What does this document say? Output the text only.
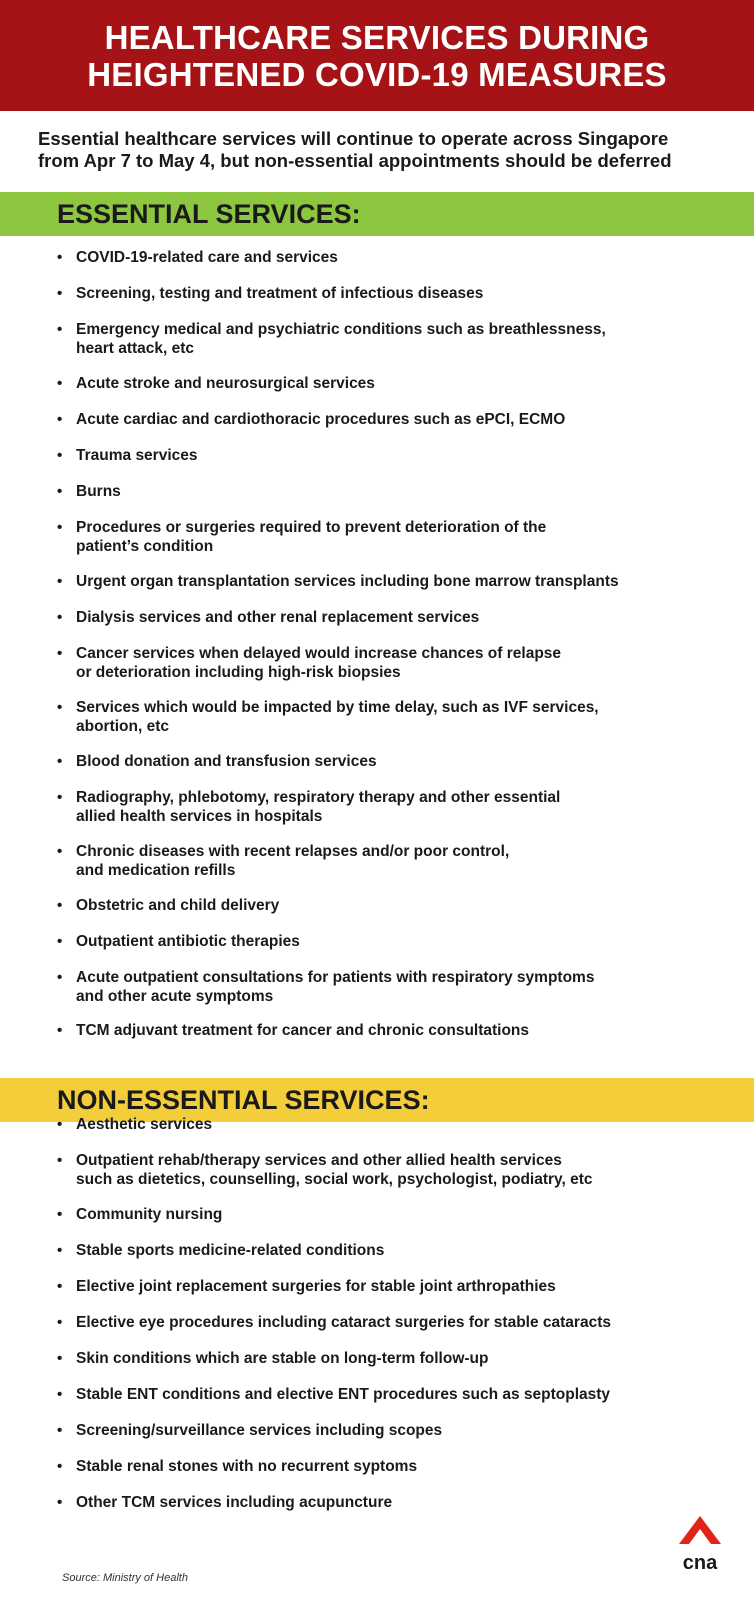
HEALTHCARE SERVICES DURING
HEIGHTENED COVID-19 MEASURES
Essential healthcare services will continue to operate across Singapore
from Apr 7 to May 4, but non-essential appointments should be deferred
ESSENTIAL SERVICES:
• COVID-19-related care and services
• Screening, testing and treatment of infectious diseases
• Emergency medical and psychiatric conditions such as breathlessness,
heart attack, etc
• Acute stroke and neurosurgical services
• Acute cardiac and cardiothoracic procedures such as ePCI, ECMO
• Trauma services
• Burns
• Procedures or surgeries required to prevent deterioration of the
patient’s condition
• Urgent organ transplantation services including bone marrow transplants
• Dialysis services and other renal replacement services
• Cancer services when delayed would increase chances of relapse
or deterioration including high-risk biopsies
• Services which would be impacted by time delay, such as IVF services,
abortion, etc
• Blood donation and transfusion services
• Radiography, phlebotomy, respiratory therapy and other essential
allied health services in hospitals
• Chronic diseases with recent relapses and/or poor control,
and medication refills
• Obstetric and child delivery
• Outpatient antibiotic therapies
• Acute outpatient consultations for patients with respiratory symptoms
and other acute symptoms
• TCM adjuvant treatment for cancer and chronic consultations
NON-ESSENTIAL SERVICES:
• Aesthetic services
• Outpatient rehab/therapy services and other allied health services
such as dietetics, counselling, social work, psychologist, podiatry, etc
• Community nursing
• Stable sports medicine-related conditions
• Elective joint replacement surgeries for stable joint arthropathies
• Elective eye procedures including cataract surgeries for stable cataracts
• Skin conditions which are stable on long-term follow-up
• Stable ENT conditions and elective ENT procedures such as septoplasty
• Screening/surveillance services including scopes
• Stable renal stones with no recurrent syptoms
• Other TCM services including acupuncture
Source: Ministry of Health
cna
